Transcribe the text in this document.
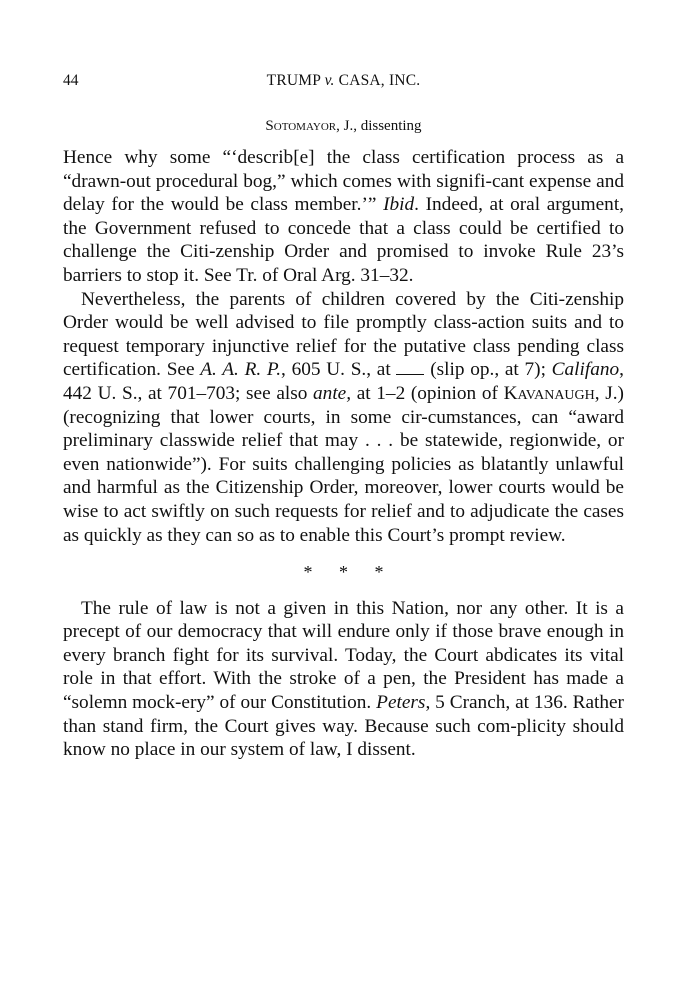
44	TRUMP v. CASA, INC.
Sotomayor, J., dissenting

Hence why some “‘describ[e] the class certification process as a “drawn-out procedural bog,” which comes with signifi-cant expense and delay for the would be class member.’” Ibid. Indeed, at oral argument, the Government refused to concede that a class could be certified to challenge the Citi-zenship Order and promised to invoke Rule 23’s barriers to stop it. See Tr. of Oral Arg. 31–32.

Nevertheless, the parents of children covered by the Citi-zenship Order would be well advised to file promptly class-action suits and to request temporary injunctive relief for the putative class pending class certification. See A. A. R. P., 605 U. S., at  (slip op., at 7); Califano, 442 U. S., at 701–703; see also ante, at 1–2 (opinion of Kavanaugh, J.) (recognizing that lower courts, in some cir-cumstances, can “award preliminary classwide relief that may . . . be statewide, regionwide, or even nationwide”). For suits challenging policies as blatantly unlawful and harmful as the Citizenship Order, moreover, lower courts would be wise to act swiftly on such requests for relief and to adjudicate the cases as quickly as they can so as to enable this Court’s prompt review.

* * *

The rule of law is not a given in this Nation, nor any other. It is a precept of our democracy that will endure only if those brave enough in every branch fight for its survival. Today, the Court abdicates its vital role in that effort. With the stroke of a pen, the President has made a “solemn mock-ery” of our Constitution. Peters, 5 Cranch, at 136. Rather than stand firm, the Court gives way. Because such com-plicity should know no place in our system of law, I dissent.
